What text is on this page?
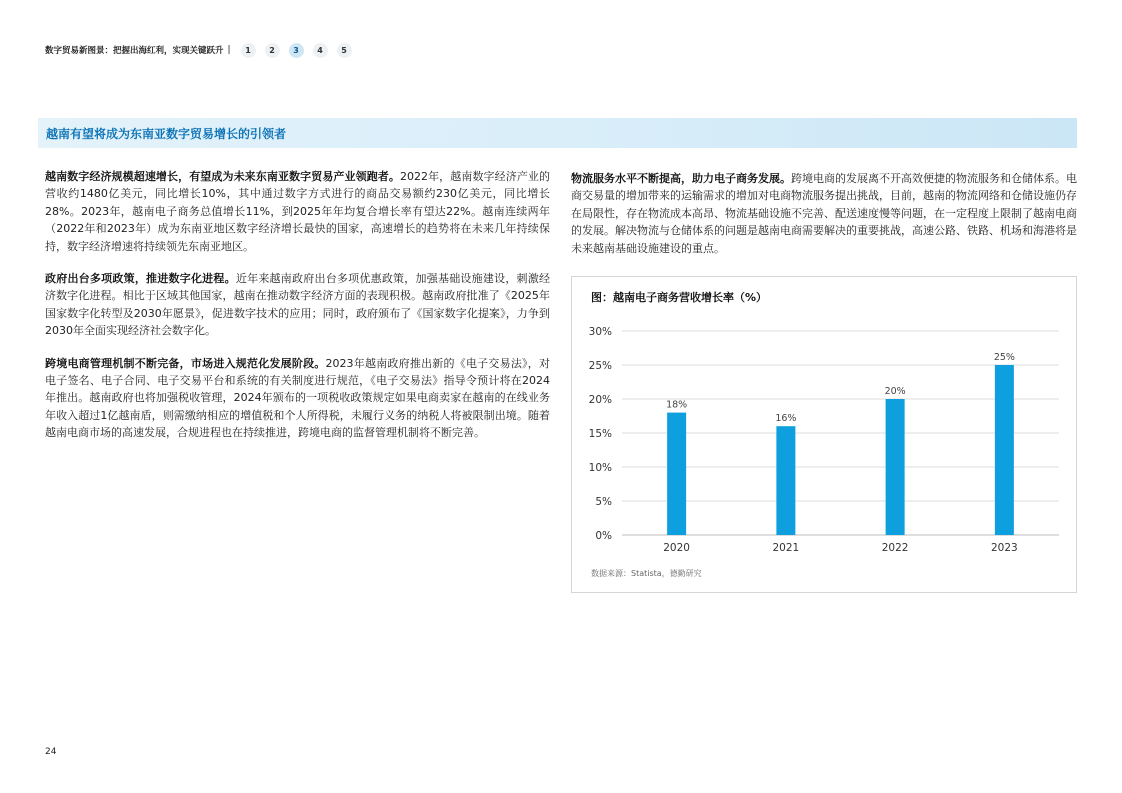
数字贸易新图景：把握出海红利，实现关键跃升 |	1	2	3	4	5
越南有望将成为东南亚数字贸易增长的引领者

越南数字经济规模超速增长，有望成为未来东南亚数字贸易产业领跑者。2022年，越南数字经济产业的营收约1480亿美元，同比增长10%，其中通过数字方式进行的商品交易额约230亿美元，同比增长28%。2023年，越南电子商务总值增长11%，到2025年年均复合增长率有望达22%。越南连续两年（2022年和2023年）成为东南亚地区数字经济增长最快的国家，高速增长的趋势将在未来几年持续保持，数字经济增速将持续领先东南亚地区。

政府出台多项政策，推进数字化进程。近年来越南政府出台多项优惠政策，加强基础设施建设，刺激经济数字化进程。相比于区域其他国家，越南在推动数字经济方面的表现积极。越南政府批准了《2025年国家数字化转型及2030年愿景》，促进数字技术的应用；同时，政府颁布了《国家数字化提案》，力争到2030年全面实现经济社会数字化。

跨境电商管理机制不断完备，市场进入规范化发展阶段。2023年越南政府推出新的《电子交易法》，对电子签名、电子合同、电子交易平台和系统的有关制度进行规范，《电子交易法》指导令预计将在2024年推出。越南政府也将加强税收管理，2024年颁布的一项税收政策规定如果电商卖家在越南的在线业务年收入超过1亿越南盾，则需缴纳相应的增值税和个人所得税，未履行义务的纳税人将被限制出境。随着越南电商市场的高速发展，合规进程也在持续推进，跨境电商的监督管理机制将不断完善。

物流服务水平不断提高，助力电子商务发展。跨境电商的发展离不开高效便捷的物流服务和仓储体系。电商交易量的增加带来的运输需求的增加对电商物流服务提出挑战，目前，越南的物流网络和仓储设施仍存在局限性，存在物流成本高昂、物流基础设施不完善、配送速度慢等问题，在一定程度上限制了越南电商的发展。解决物流与仓储体系的问题是越南电商需要解决的重要挑战，高速公路、铁路、机场和海港将是未来越南基础设施建设的重点。

0%
5%
10%
15%
20%
25%
30%
18%
2020
16%
2021
20%
2022
25%
2023
图：越南电子商务营收增长率（%）
数据来源：Statista，德勤研究
24
